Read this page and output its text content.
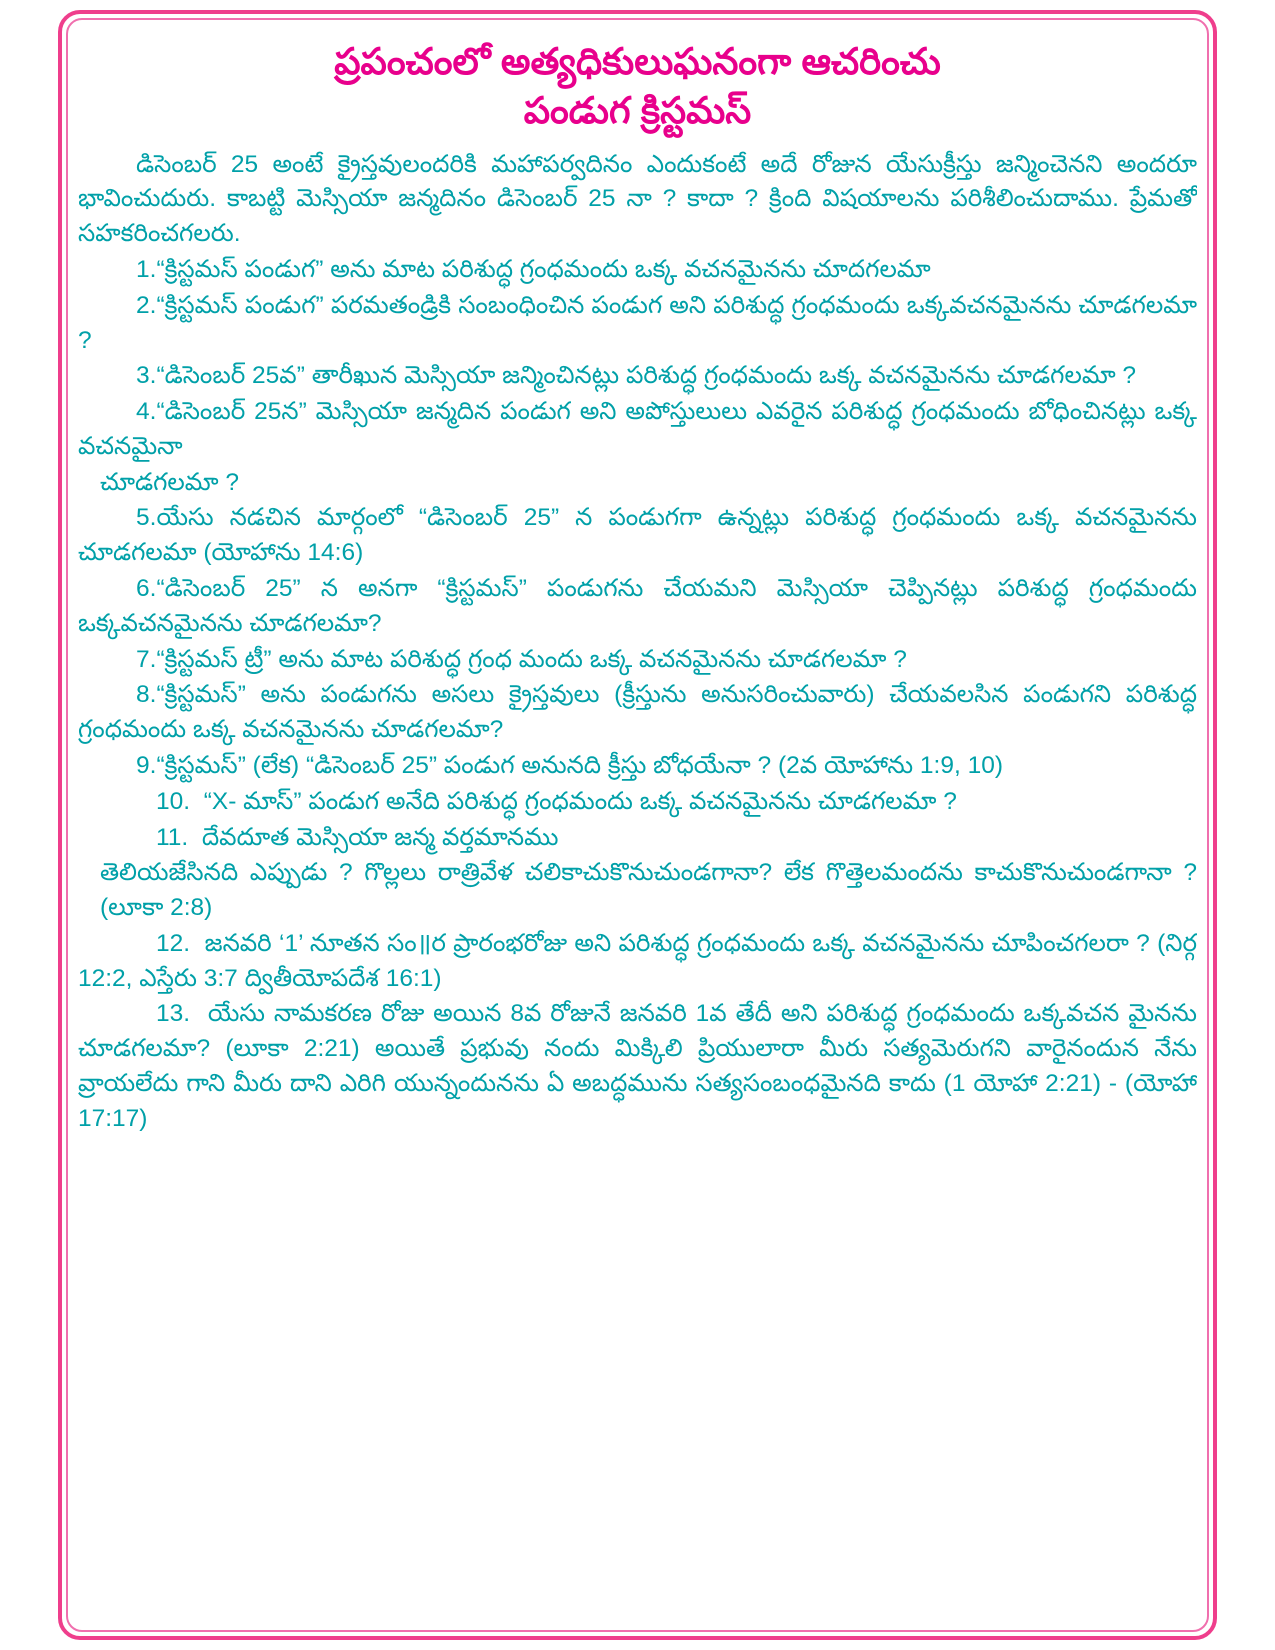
ప్రపంచంలో అత్యధికులుఘనంగా ఆచరించు
పండుగ క్రిస్టమస్

డిసెంబర్ 25 అంటే క్రైస్తవులందరికి మహాపర్వదినం ఎందుకంటే అదే రోజున యేసుక్రీస్తు జన్మించెనని అందరూ భావించుదురు. కాబట్టి మెస్సియా జన్మదినం డిసెంబర్ 25 నా ? కాదా ? క్రింది విషయాలను పరిశీలించుదాము. ప్రేమతో సహకరించగలరు.

1.“క్రిస్టమస్ పండుగ” అను మాట పరిశుద్ధ గ్రంధమందు ఒక్క వచనమైనను చూదగలమా

2.“క్రిస్టమస్ పండుగ” పరమతండ్రికి సంబంధించిన పండుగ అని పరిశుద్ధ గ్రంధమందు ఒక్కవచనమైనను చూడగలమా ?

3.“డిసెంబర్ 25వ” తారీఖున మెస్సియా జన్మించినట్లు పరిశుద్ధ గ్రంధమందు ఒక్క వచనమైనను చూడగలమా ?

4.“డిసెంబర్ 25న” మెస్సియా జన్మదిన పండుగ అని అపోస్తులులు ఎవరైన పరిశుద్ధ గ్రంధమందు బోధించినట్లు ఒక్క వచనమైనా

చూడగలమా ?

5.యేసు నడచిన మార్గంలో “డిసెంబర్ 25” న పండుగగా ఉన్నట్లు పరిశుద్ధ గ్రంధమందు ఒక్క వచనమైనను చూడగలమా (యోహాను 14:6)

6.“డిసెంబర్ 25” న అనగా “క్రిస్టమస్” పండుగను చేయమని మెస్సియా చెప్పినట్లు పరిశుద్ధ గ్రంధమందు ఒక్కవచనమైనను చూడగలమా?

7.“క్రిస్టమస్ ట్రీ” అను మాట పరిశుద్ధ గ్రంధ మందు ఒక్క వచనమైనను చూడగలమా ?

8.“క్రిస్టమస్” అను పండుగను అసలు క్రైస్తవులు (క్రీస్తును అనుసరించువారు) చేయవలసిన పండుగని పరిశుద్ధ గ్రంధమందు ఒక్క వచనమైనను చూడగలమా?

9.“క్రిస్టమస్” (లేక) “డిసెంబర్ 25” పండుగ అనునది క్రీస్తు బోధయేనా ? (2వ యోహాను 1:9, 10)

10. “X- మాస్” పండుగ అనేది పరిశుద్ధ గ్రంధమందు ఒక్క వచనమైనను చూడగలమా ?

11. దేవదూత మెస్సియా జన్మ వర్తమానము

తెలియజేసినది ఎప్పుడు ? గొల్లలు రాత్రివేళ చలికాచుకొనుచుండగానా? లేక గొత్తెలమందను కాచుకొనుచుండగానా ? (లూకా 2:8)

12. జనవరి ‘1’ నూతన సం॥ర ప్రారంభరోజు అని పరిశుద్ధ గ్రంధమందు ఒక్క వచనమైనను చూపించగలరా ? (నిర్గ 12:2, ఎస్తేరు 3:7 ద్వితీయోపదేశ 16:1)

13. యేసు నామకరణ రోజు అయిన 8వ రోజునే జనవరి 1వ తేదీ అని పరిశుద్ధ గ్రంధమందు ఒక్కవచన మైనను చూడగలమా? (లూకా 2:21) అయితే ప్రభువు నందు మిక్కిలి ప్రియులారా మీరు సత్యమెరుగని వారైనందున నేను వ్రాయలేదు గాని మీరు దాని ఎరిగి యున్నందునను ఏ అబద్ధమును సత్యసంబంధమైనది కాదు (1 యోహా 2:21) - (యోహా 17:17)
